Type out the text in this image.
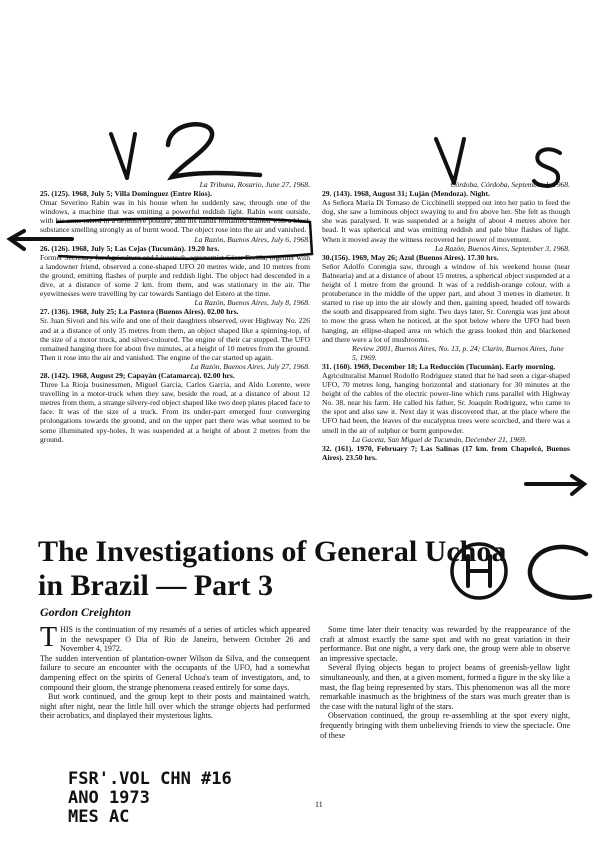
La Tribuna, Rosario, June 27, 1968.

25. (125). 1968, July 5; Villa Dominguez (Entre Rios).

Omar Severino Rabin was in his house when he suddenly saw, through one of the windows, a machine that was emitting a powerful reddish light. Rabin went outside, with his arms raised in a defensive posture, and his hands remained stained with a black substance smelling strongly as of burnt wood. The object rose into the air and vanished.

La Razón, Buenos Aires, July 6, 1968.

26. (126). 1968, July 5; Las Cejas (Tucumán). 19.20 hrs.

Former Secretary for Agriculture and Livestock, agronomist César Ercilla, together with a landowner friend, observed a cone-shaped UFO 20 metres wide, and 10 metres from the ground, emitting flashes of purple and reddish light. The object had descended in a dive, at a distance of some 2 km. from them, and was stationary in the air. The eyewitnesses were travelling by car towards Santiago del Estero at the time.

La Razón, Buenos Aires, July 8, 1968.

27. (136). 1968, July 25; La Pastora (Buenos Aires). 02.00 hrs.

Sr. Juan Sivori and his wife and one of their daughters observed, over Highway No. 226 and at a distance of only 35 metres from them, an object shaped like a spinning-top, of the size of a motor truck, and silver-coloured. The engine of their car stopped. The UFO remained hanging there for about five minutes, at a height of 10 metres from the ground. Then it rose into the air and vanished. The engine of the car started up again.

La Razón, Buenos Aires, July 27, 1968.

28. (142). 1968, August 29; Capayán (Catamarca). 02.00 hrs.

Three La Rioja businessmen, Miguel Garcia, Carlos Garcia, and Aldo Lorente, were travelling in a motor-truck when they saw, beside the road, at a distance of about 12 metres from them, a strange silvery-red object shaped like two deep plates placed face to face. It was of the size of a truck. From its under-part emerged four converging prolongations towards the ground, and on the upper part there was what seemed to be some illuminated spy-holes. It was suspended at a height of about 2 metres from the ground.

Córdoba, Córdoba, September 1, 1968.

29. (143). 1968, August 31; Luján (Mendoza). Night.

As Señora María Di Tomaso de Cicchinelli stepped out into her patio to feed the dog, she saw a luminous object swaying to and fro above her. She felt as though she was paralysed. It was suspended at a height of about 4 metres above her head. It was spherical and was emitting reddish and pale blue flashes of light. When it moved away the witness recovered her power of movement.

La Razón, Buenos Aires, September 3, 1968.

30.(156). 1969, May 26; Azul (Buenos Aires). 17.30 hrs.

Señor Adolfo Corengia saw, through a window of his weekend house (near Balnearia) and at a distance of about 15 metres, a spherical object suspended at a height of 1 metre from the ground. It was of a reddish-orange colour, with a protuberance in the middle of the upper part, and about 3 metres in diameter. It started to rise up into the air slowly and then, gaining speed, headed off towards the south and disappeared from sight. Two days later, Sr. Corengia was just about to mow the grass when he noticed, at the spot below where the UFO had been hanging, an ellipse-shaped area on which the grass looked thin and blackened and there were a lot of mushrooms.

Review 2001, Buenos Aires, No. 13, p. 24; Clarin, Buenos Aires, June 5, 1969.

31. (160). 1969, December 18; La Reducción (Tucumán). Early morning.

Agriculturalist Manuel Rodolfo Rodriguez stated that he had seen a cigar-shaped UFO, 70 metres long, hanging horizontal and stationary for 30 minutes at the height of the cables of the electric power-line which runs parallel with Highway No. 38, near his farm. He called his father, Sr. Joaquín Rodriguez, who came to the spot and also saw it. Next day it was discovered that, at the place where the UFO had been, the leaves of the eucalyptus trees were scorched, and there was a smell in the air of sulphur or burnt gunpowder.

La Gaceta, San Miguel de Tucumán, Deċember 21, 1969.

32. (161). 1970, February 7; Las Salinas (17 km. from Chapelcó, Buenos Aires). 23.50 hrs.

The Investigations of General Uchoa in Brazil — Part 3
Gordon Creighton

THIS is the continuation of my resumés of a series of articles which appeared in the newspaper O Dia of Rio de Janeiro, between October 26 and November 4, 1972.

The sudden intervention of plantation-owner Wilson da Silva, and the consequent failure to secure an encounter with the occupants of the UFO, had a somewhat dampening effect on the spirits of General Uchoa's team of investigators, and, to compound their gloom, the strange phenomena ceased entirely for some days.

But work continued, and the group kept to their posts and maintained watch, night after night, near the little hill over which the strange objects had performed their acrobatics, and displayed their mysterious lights.

Some time later their tenacity was rewarded by the reappearance of the craft at almost exactly the same spot and with no great variation in their performance. But one night, a very dark one, the group were able to observe an impressive spectacle.

Several flying objects began to project beams of greenish-yellow light simultaneously, and then, at a given moment, formed a figure in the sky like a mast, the flag being represented by stars. This phenomenon was all the more remarkable inasmuch as the brightness of the stars was much greater than is the case with the natural light of the stars.

Observation continued, the group re-assembling at the spot every night, frequently bringing with them unbelieving friends to view the spectacle. One of these

11

FSR'.VOL CHN #16

ANO 1973

MES AC
